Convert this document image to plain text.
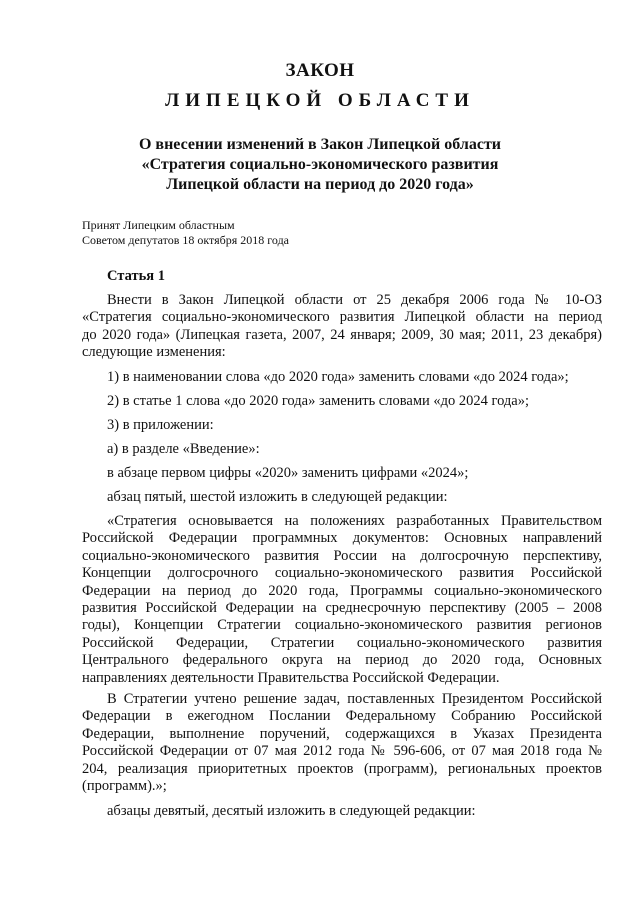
ЗАКОН
ЛИПЕЦКОЙ ОБЛАСТИ
О внесении изменений в Закон Липецкой области
«Стратегия социально-экономического развития
Липецкой области на период до 2020 года»
Принят Липецким областным
Советом депутатов 18 октября 2018 года
Статья 1
Внести в Закон Липецкой области от 25 декабря 2006 года № 10-ОЗ
«Стратегия социально-экономического развития Липецкой области на период
до 2020 года» (Липецкая газета, 2007, 24 января; 2009, 30 мая; 2011, 23 декабря)
следующие изменения:
1) в наименовании слова «до 2020 года» заменить словами «до 2024 года»;
2) в статье 1 слова «до 2020 года» заменить словами «до 2024 года»;
3) в приложении:
а) в разделе «Введение»:
в абзаце первом цифры «2020» заменить цифрами «2024»;
абзац пятый, шестой изложить в следующей редакции:
«Стратегия основывается на положениях разработанных Правительством
Российской Федерации программных документов: Основных направлений
социально-экономического развития России на долгосрочную перспективу,
Концепции долгосрочного социально-экономического развития Российской
Федерации на период до 2020 года, Программы социально-экономического
развития Российской Федерации на среднесрочную перспективу (2005 – 2008
годы), Концепции Стратегии социально-экономического развития регионов
Российской Федерации, Стратегии социально-экономического развития
Центрального федерального округа на период до 2020 года, Основных
направлениях деятельности Правительства Российской Федерации.
В Стратегии учтено решение задач, поставленных Президентом Российской
Федерации в ежегодном Послании Федеральному Собранию Российской
Федерации, выполнение поручений, содержащихся в Указах Президента
Российской Федерации от 07 мая 2012 года № 596-606, от 07 мая 2018 года №
204, реализация приоритетных проектов (программ), региональных проектов
(программ).»;
абзацы девятый, десятый изложить в следующей редакции:
